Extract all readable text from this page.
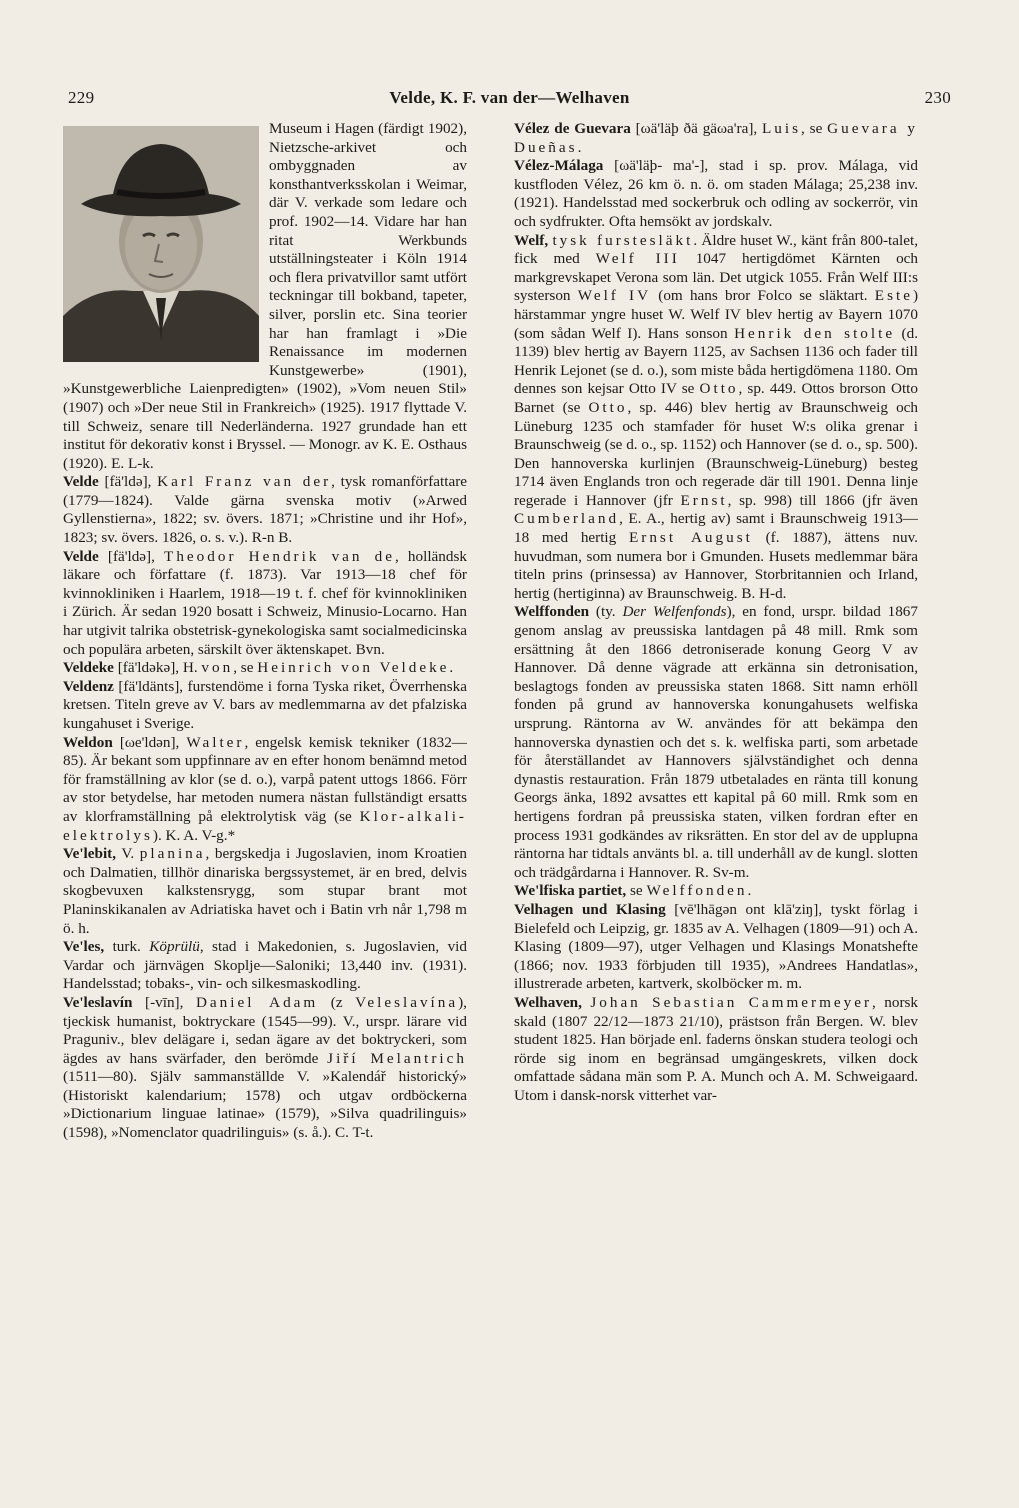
229	Velde, K. F. van der—Welhaven	230

Museum i Hagen (färdigt 1902), Nietzsche-arkivet och ombyggnaden av konsthantverksskolan i Weimar, där V. verkade som ledare och prof. 1902—14. Vidare har han ritat Werkbunds utställningsteater i Köln 1914 och flera privatvillor samt utfört teckningar till bokband, tapeter, silver, porslin etc. Sina teorier har han framlagt i »Die Renaissance im modernen Kunstgewerbe» (1901), »Kunstgewerbliche Laienpredigten» (1902), »Vom neuen Stil» (1907) och »Der neue Stil in Frankreich» (1925). 1917 flyttade V. till Schweiz, senare till Nederländerna. 1927 grundade han ett institut för dekorativ konst i Bryssel. — Monogr. av K. E. Osthaus (1920). E. L-k.

Velde [fä'ldə], Karl Franz van der, tysk romanförfattare (1779—1824). Valde gärna svenska motiv (»Arwed Gyllenstierna», 1822; sv. övers. 1871; »Christine und ihr Hof», 1823; sv. övers. 1826, o. s. v.). R-n B.

Velde [fä'ldə], Theodor Hendrik van de, holländsk läkare och författare (f. 1873). Var 1913—18 chef för kvinnokliniken i Haarlem, 1918—19 t. f. chef för kvinnokliniken i Zürich. Är sedan 1920 bosatt i Schweiz, Minusio-Locarno. Han har utgivit talrika obstetrisk-gynekologiska samt socialmedicinska och populära arbeten, särskilt över äktenskapet. Bvn.

Veldeke [fä'ldəkə], H. von, se Heinrich von Veldeke.

Veldenz [fä'ldänts], furstendöme i forna Tyska riket, Överrhenska kretsen. Titeln greve av V. bars av medlemmarna av det pfalziska kungahuset i Sverige.

Weldon [ωe'ldən], Walter, engelsk kemisk tekniker (1832—85). Är bekant som uppfinnare av en efter honom benämnd metod för framställning av klor (se d. o.), varpå patent uttogs 1866. Förr av stor betydelse, har metoden numera nästan fullständigt ersatts av klorframställning på elektrolytisk väg (se Klor-alkali-elektrolys). K. A. V-g.*

Ve'lebit, V. planina, bergskedja i Jugoslavien, inom Kroatien och Dalmatien, tillhör dinariska bergssystemet, är en bred, delvis skogbevuxen kalkstensrygg, som stupar brant mot Planinskikanalen av Adriatiska havet och i Batin vrh når 1,798 m ö. h.

Ve'les, turk. Köprülü, stad i Makedonien, s. Jugoslavien, vid Vardar och järnvägen Skoplje—Saloniki; 13,440 inv. (1931). Handelsstad; tobaks-, vin- och silkesmaskodling.

Ve'leslavín [-vīn], Daniel Adam (z Veleslavína), tjeckisk humanist, boktryckare (1545—99). V., urspr. lärare vid Praguniv., blev delägare i, sedan ägare av det boktryckeri, som ägdes av hans svärfader, den berömde Jiří Melantrich (1511—80). Själv sammanställde V. »Kalendář historický» (Historiskt kalendarium; 1578) och utgav ordböckerna »Dictionarium linguae latinae» (1579), »Silva quadrilinguis» (1598), »Nomenclator quadrilinguis» (s. å.). C. T-t.

Vélez de Guevara [ωä'läþ ðä gäωa'ra], Luis, se Guevara y Dueñas.

Vélez-Málaga [ωä'läþ- ma'-], stad i sp. prov. Málaga, vid kustfloden Vélez, 26 km ö. n. ö. om staden Málaga; 25,238 inv. (1921). Handelsstad med sockerbruk och odling av sockerrör, vin och sydfrukter. Ofta hemsökt av jordskalv.

Welf, tysk furstesläkt. Äldre huset W., känt från 800-talet, fick med Welf III 1047 hertigdömet Kärnten och markgrevskapet Verona som län. Det utgick 1055. Från Welf III:s systerson Welf IV (om hans bror Folco se släktart. Este) härstammar yngre huset W. Welf IV blev hertig av Bayern 1070 (som sådan Welf I). Hans sonson Henrik den stolte (d. 1139) blev hertig av Bayern 1125, av Sachsen 1136 och fader till Henrik Lejonet (se d. o.), som miste båda hertigdömena 1180. Om dennes son kejsar Otto IV se Otto, sp. 449. Ottos brorson Otto Barnet (se Otto, sp. 446) blev hertig av Braunschweig och Lüneburg 1235 och stamfader för huset W:s olika grenar i Braunschweig (se d. o., sp. 1152) och Hannover (se d. o., sp. 500). Den hannoverska kurlinjen (Braunschweig-Lüneburg) besteg 1714 även Englands tron och regerade där till 1901. Denna linje regerade i Hannover (jfr Ernst, sp. 998) till 1866 (jfr även Cumberland, E. A., hertig av) samt i Braunschweig 1913—18 med hertig Ernst August (f. 1887), ättens nuv. huvudman, som numera bor i Gmunden. Husets medlemmar bära titeln prins (prinsessa) av Hannover, Storbritannien och Irland, hertig (hertiginna) av Braunschweig. B. H-d.

Welffonden (ty. Der Welfenfonds), en fond, urspr. bildad 1867 genom anslag av preussiska lantdagen på 48 mill. Rmk som ersättning åt den 1866 detroniserade konung Georg V av Hannover. Då denne vägrade att erkänna sin detronisation, beslagtogs fonden av preussiska staten 1868. Sitt namn erhöll fonden på grund av hannoverska konungahusets welfiska ursprung. Räntorna av W. användes för att bekämpa den hannoverska dynastien och det s. k. welfiska parti, som arbetade för återställandet av Hannovers självständighet och denna dynastis restauration. Från 1879 utbetalades en ränta till konung Georgs änka, 1892 avsattes ett kapital på 60 mill. Rmk som en hertigens fordran på preussiska staten, vilken fordran efter en process 1931 godkändes av riksrätten. En stor del av de upplupna räntorna har tidtals använts bl. a. till underhåll av de kungl. slotten och trädgårdarna i Hannover. R. Sv-m.

We'lfiska partiet, se Welffonden.

Velhagen und Klasing [vē'lhāgən ont klā'ziŋ], tyskt förlag i Bielefeld och Leipzig, gr. 1835 av A. Velhagen (1809—91) och A. Klasing (1809—97), utger Velhagen und Klasings Monatshefte (1866; nov. 1933 förbjuden till 1935), »Andrees Handatlas», illustrerade arbeten, kartverk, skolböcker m. m.

Welhaven, Johan Sebastian Cammermeyer, norsk skald (1807 22/12—1873 21/10), prästson från Bergen. W. blev student 1825. Han började enl. faderns önskan studera teologi och rörde sig inom en begränsad umgängeskrets, vilken dock omfattade sådana män som P. A. Munch och A. M. Schweigaard. Utom i dansk-norsk vitterhet var-
